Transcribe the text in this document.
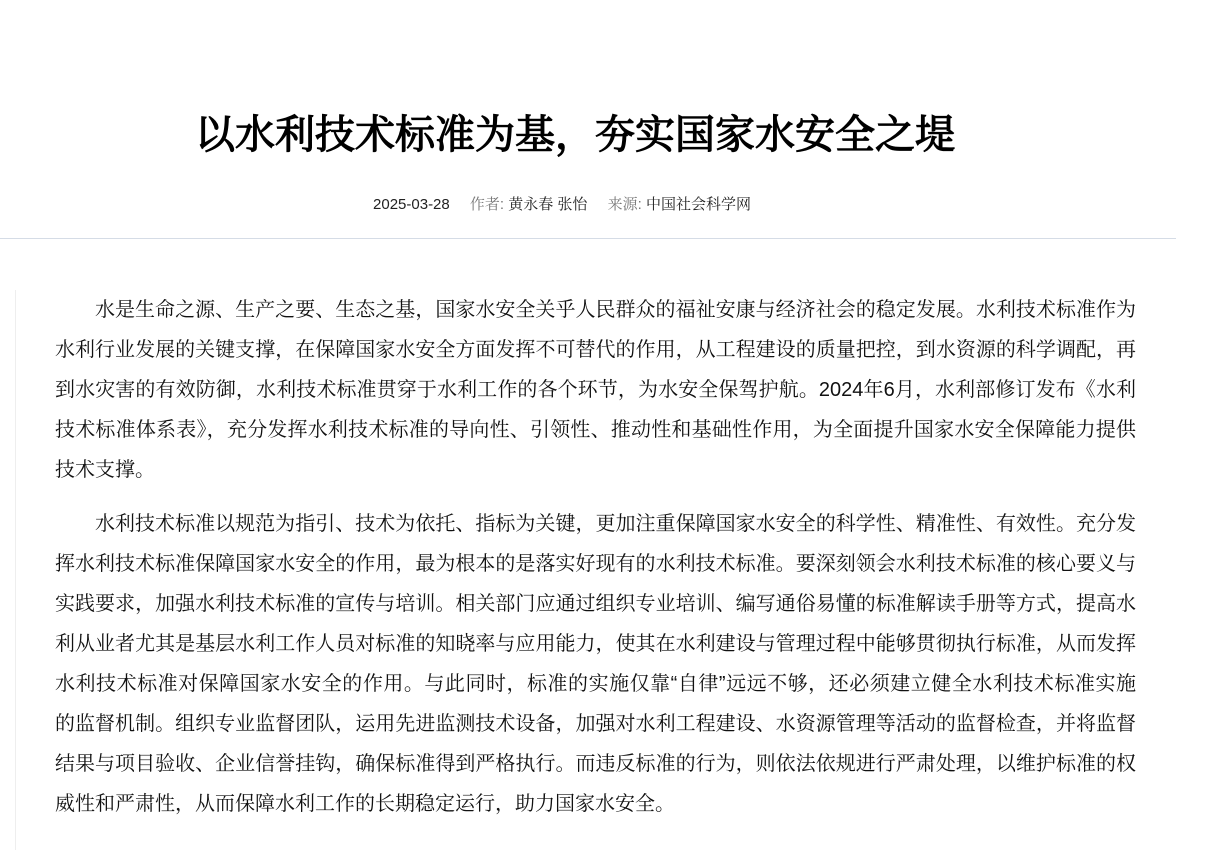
以水利技术标准为基，夯实国家水安全之堤
2025-03-28 作者: 黄永春 张怡 来源: 中国社会科学网

水是生命之源、生产之要、生态之基，国家水安全关乎人民群众的福祉安康与经济社会的稳定发展。水利技术标准作为
水利行业发展的关键支撑，在保障国家水安全方面发挥不可替代的作用，从工程建设的质量把控，到水资源的科学调配，再
到水灾害的有效防御，水利技术标准贯穿于水利工作的各个环节，为水安全保驾护航。2024年6月，水利部修订发布《水利
技术标准体系表》，充分发挥水利技术标准的导向性、引领性、推动性和基础性作用，为全面提升国家水安全保障能力提供
技术支撑。

水利技术标准以规范为指引、技术为依托、指标为关键，更加注重保障国家水安全的科学性、精准性、有效性。充分发
挥水利技术标准保障国家水安全的作用，最为根本的是落实好现有的水利技术标准。要深刻领会水利技术标准的核心要义与
实践要求，加强水利技术标准的宣传与培训。相关部门应通过组织专业培训、编写通俗易懂的标准解读手册等方式，提高水
利从业者尤其是基层水利工作人员对标准的知晓率与应用能力，使其在水利建设与管理过程中能够贯彻执行标准，从而发挥
水利技术标准对保障国家水安全的作用。与此同时，标准的实施仅靠“自律”远远不够，还必须建立健全水利技术标准实施
的监督机制。组织专业监督团队，运用先进监测技术设备，加强对水利工程建设、水资源管理等活动的监督检查，并将监督
结果与项目验收、企业信誉挂钩，确保标准得到严格执行。而违反标准的行为，则依法依规进行严肃处理，以维护标准的权
威性和严肃性，从而保障水利工作的长期稳定运行，助力国家水安全。
